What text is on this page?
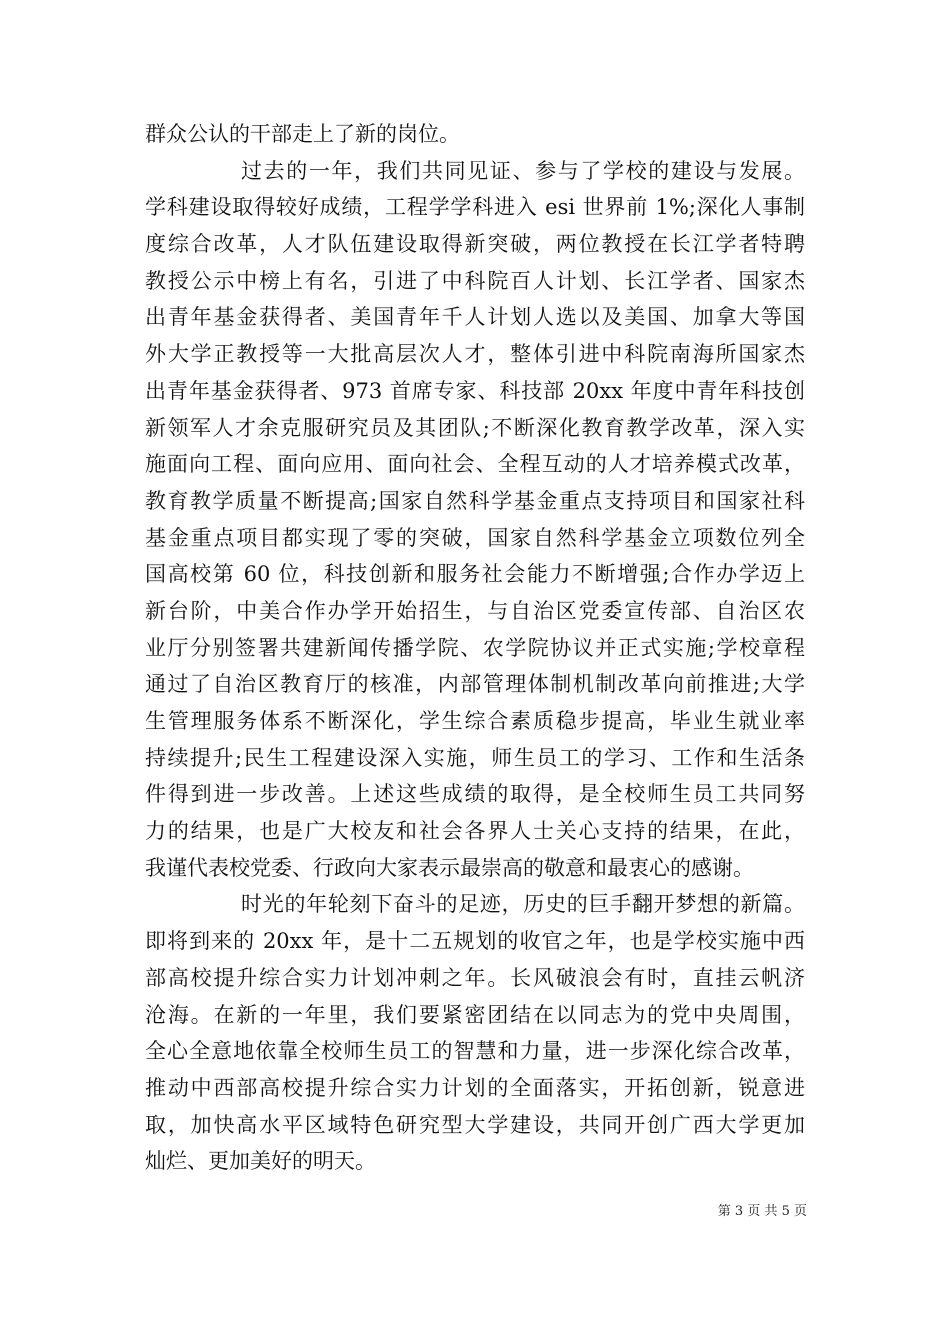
群众公认的干部走上了新的岗位。
过去的一年，我们共同见证、参与了学校的建设与发展。
学科建设取得较好成绩，工程学学科进入 esi 世界前 1%;深化人事制
度综合改革，人才队伍建设取得新突破，两位教授在长江学者特聘
教授公示中榜上有名，引进了中科院百人计划、长江学者、国家杰
出青年基金获得者、美国青年千人计划人选以及美国、加拿大等国
外大学正教授等一大批高层次人才，整体引进中科院南海所国家杰
出青年基金获得者、973 首席专家、科技部 20xx 年度中青年科技创
新领军人才余克服研究员及其团队;不断深化教育教学改革，深入实
施面向工程、面向应用、面向社会、全程互动的人才培养模式改革，
教育教学质量不断提高;国家自然科学基金重点支持项目和国家社科
基金重点项目都实现了零的突破，国家自然科学基金立项数位列全
国高校第 60 位，科技创新和服务社会能力不断增强;合作办学迈上
新台阶，中美合作办学开始招生，与自治区党委宣传部、自治区农
业厅分别签署共建新闻传播学院、农学院协议并正式实施;学校章程
通过了自治区教育厅的核准，内部管理体制机制改革向前推进;大学
生管理服务体系不断深化，学生综合素质稳步提高，毕业生就业率
持续提升;民生工程建设深入实施，师生员工的学习、工作和生活条
件得到进一步改善。上述这些成绩的取得，是全校师生员工共同努
力的结果，也是广大校友和社会各界人士关心支持的结果，在此，
我谨代表校党委、行政向大家表示最崇高的敬意和最衷心的感谢。
时光的年轮刻下奋斗的足迹，历史的巨手翻开梦想的新篇。
即将到来的 20xx 年，是十二五规划的收官之年，也是学校实施中西
部高校提升综合实力计划冲刺之年。长风破浪会有时，直挂云帆济
沧海。在新的一年里，我们要紧密团结在以同志为的党中央周围，
全心全意地依靠全校师生员工的智慧和力量，进一步深化综合改革，
推动中西部高校提升综合实力计划的全面落实，开拓创新，锐意进
取，加快高水平区域特色研究型大学建设，共同开创广西大学更加
灿烂、更加美好的明天。
第 3 页 共 5 页
